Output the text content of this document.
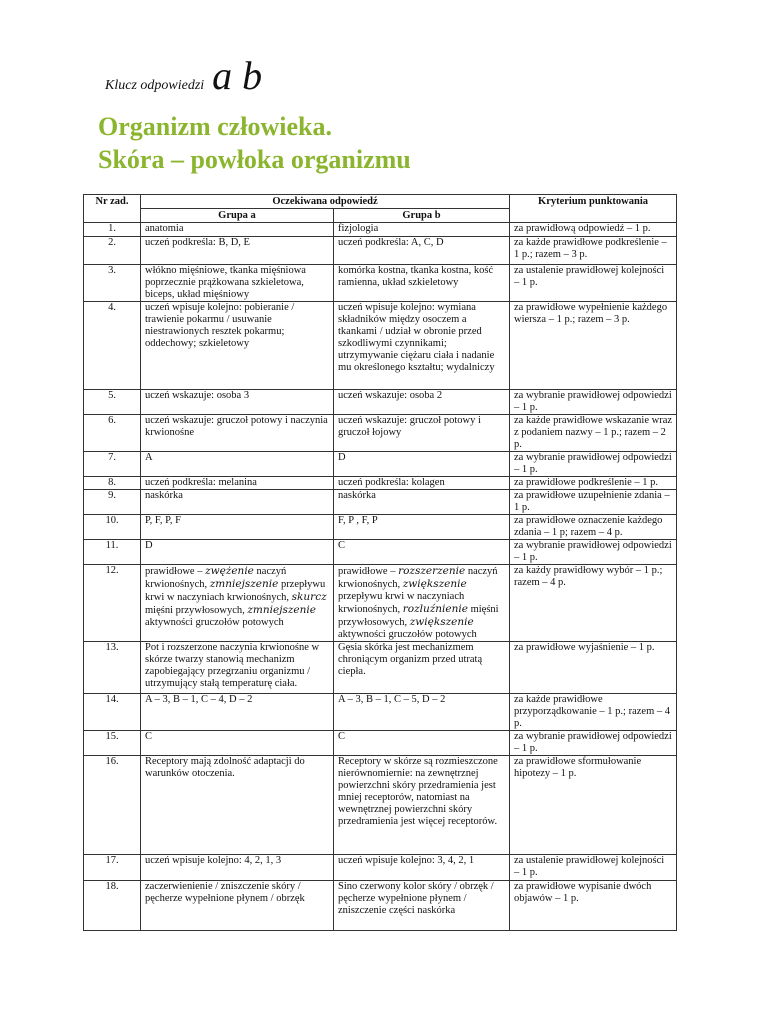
Klucz odpowiedzi a b
Organizm człowieka.
Skóra – powłoka organizmu
Nr zad.	Oczekiwana odpowiedź		Kryterium punktowania
	Grupa a	Grupa b	
1.	anatomia	fizjologia	za prawidłową odpowiedź – 1 p.
2.	uczeń podkreśla: B, D, E	uczeń podkreśla: A, C, D	za każde prawidłowe podkreślenie – 1 p.; razem – 3 p.
3.	włókno mięśniowe, tkanka mięśniowa poprzecznie prążkowana szkieletowa, biceps, układ mięśniowy	komórka kostna, tkanka kostna, kość ramienna, układ szkieletowy	za ustalenie prawidłowej kolejności – 1 p.
4.	uczeń wpisuje kolejno: pobieranie / trawienie pokarmu / usuwanie niestrawionych resztek pokarmu; oddechowy; szkieletowy	uczeń wpisuje kolejno: wymiana składników między osoczem a tkankami / udział w obronie przed szkodliwymi czynnikami; utrzymywanie ciężaru ciała i nadanie mu określonego kształtu; wydalniczy	za prawidłowe wypełnienie każdego wiersza – 1 p.; razem – 3 p.
5.	uczeń wskazuje: osoba 3	uczeń wskazuje: osoba 2	za wybranie prawidłowej odpowiedzi – 1 p.
6.	uczeń wskazuje: gruczoł potowy i naczynia krwionośne	uczeń wskazuje: gruczoł potowy i gruczoł łojowy	za każde prawidłowe wskazanie wraz z podaniem nazwy – 1 p.; razem – 2 p.
7.	A	D	za wybranie prawidłowej odpowiedzi – 1 p.
8.	uczeń podkreśla: melanina	uczeń podkreśla: kolagen	za prawidłowe podkreślenie – 1 p.
9.	naskórka	naskórka	za prawidłowe uzupełnienie zdania – 1 p.
10.	P, F, P, F	F, P , F, P	za prawidłowe oznaczenie każdego zdania – 1 p; razem – 4 p.
11.	D	C	za wybranie prawidłowej odpowiedzi – 1 p.
12.	prawidłowe – zwężenie naczyń krwionośnych, zmniejszenie przepływu krwi w naczyniach krwionośnych, skurcz mięśni przywłosowych, zmniejszenie aktywności gruczołów potowych	prawidłowe – rozszerzenie naczyń krwionośnych, zwiększenie przepływu krwi w naczyniach krwionośnych, rozluźnienie mięśni przywłosowych, zwiększenie aktywności gruczołów potowych	za każdy prawidłowy wybór – 1 p.; razem – 4 p.
13.	Pot i rozszerzone naczynia krwionośne w skórze twarzy stanowią mechanizm zapobiegający przegrzaniu organizmu / utrzymujący stałą temperaturę ciała.	Gęsia skórka jest mechanizmem chroniącym organizm przed utratą ciepła.	za prawidłowe wyjaśnienie – 1 p.
14.	A – 3, B – 1, C – 4, D – 2	A – 3, B – 1, C – 5, D – 2	za każde prawidłowe przyporządkowanie – 1 p.; razem – 4 p.
15.	C	C	za wybranie prawidłowej odpowiedzi – 1 p.
16.	Receptory mają zdolność adaptacji do warunków otoczenia.	Receptory w skórze są rozmieszczone nierównomiernie: na zewnętrznej powierzchni skóry przedramienia jest mniej receptorów, natomiast na wewnętrznej powierzchni skóry przedramienia jest więcej receptorów.	za prawidłowe sformułowanie hipotezy – 1 p.
17.	uczeń wpisuje kolejno: 4, 2, 1, 3	uczeń wpisuje kolejno: 3, 4, 2, 1	za ustalenie prawidłowej kolejności – 1 p.
18.	zaczerwienienie / zniszczenie skóry / pęcherze wypełnione płynem / obrzęk	Sino czerwony kolor skóry / obrzęk / pęcherze wypełnione płynem / zniszczenie części naskórka	za prawidłowe wypisanie dwóch objawów – 1 p.
